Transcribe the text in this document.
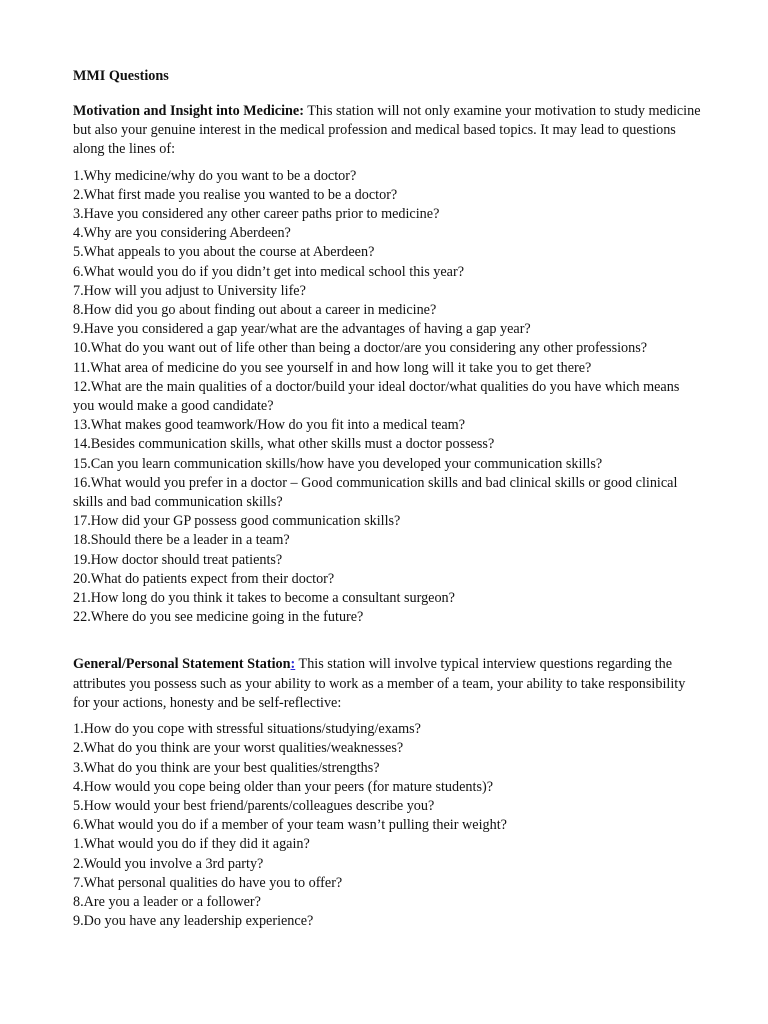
MMI Questions

Motivation and Insight into Medicine: This station will not only examine your motivation to study medicine but also your genuine interest in the medical profession and medical based topics. It may lead to questions along the lines of:

1.Why medicine/why do you want to be a doctor?
2.What first made you realise you wanted to be a doctor?
3.Have you considered any other career paths prior to medicine?
4.Why are you considering Aberdeen?
5.What appeals to you about the course at Aberdeen?
6.What would you do if you didn’t get into medical school this year?
7.How will you adjust to University life?
8.How did you go about finding out about a career in medicine?
9.Have you considered a gap year/what are the advantages of having a gap year?
10.What do you want out of life other than being a doctor/are you considering any other professions?
11.What area of medicine do you see yourself in and how long will it take you to get there?
12.What are the main qualities of a doctor/build your ideal doctor/what qualities do you have which means you would make a good candidate?
13.What makes good teamwork/How do you fit into a medical team?
14.Besides communication skills, what other skills must a doctor possess?
15.Can you learn communication skills/how have you developed your communication skills?
16.What would you prefer in a doctor – Good communication skills and bad clinical skills or good clinical skills and bad communication skills?
17.How did your GP possess good communication skills?
18.Should there be a leader in a team?
19.How doctor should treat patients?
20.What do patients expect from their doctor?
21.How long do you think it takes to become a consultant surgeon?
22.Where do you see medicine going in the future?

General/Personal Statement Station: This station will involve typical interview questions regarding the attributes you possess such as your ability to work as a member of a team, your ability to take responsibility for your actions, honesty and be self-reflective:

1.How do you cope with stressful situations/studying/exams?
2.What do you think are your worst qualities/weaknesses?
3.What do you think are your best qualities/strengths?
4.How would you cope being older than your peers (for mature students)?
5.How would your best friend/parents/colleagues describe you?
6.What would you do if a member of your team wasn’t pulling their weight?
1.What would you do if they did it again?
2.Would you involve a 3rd party?
7.What personal qualities do have you to offer?
8.Are you a leader or a follower?
9.Do you have any leadership experience?
